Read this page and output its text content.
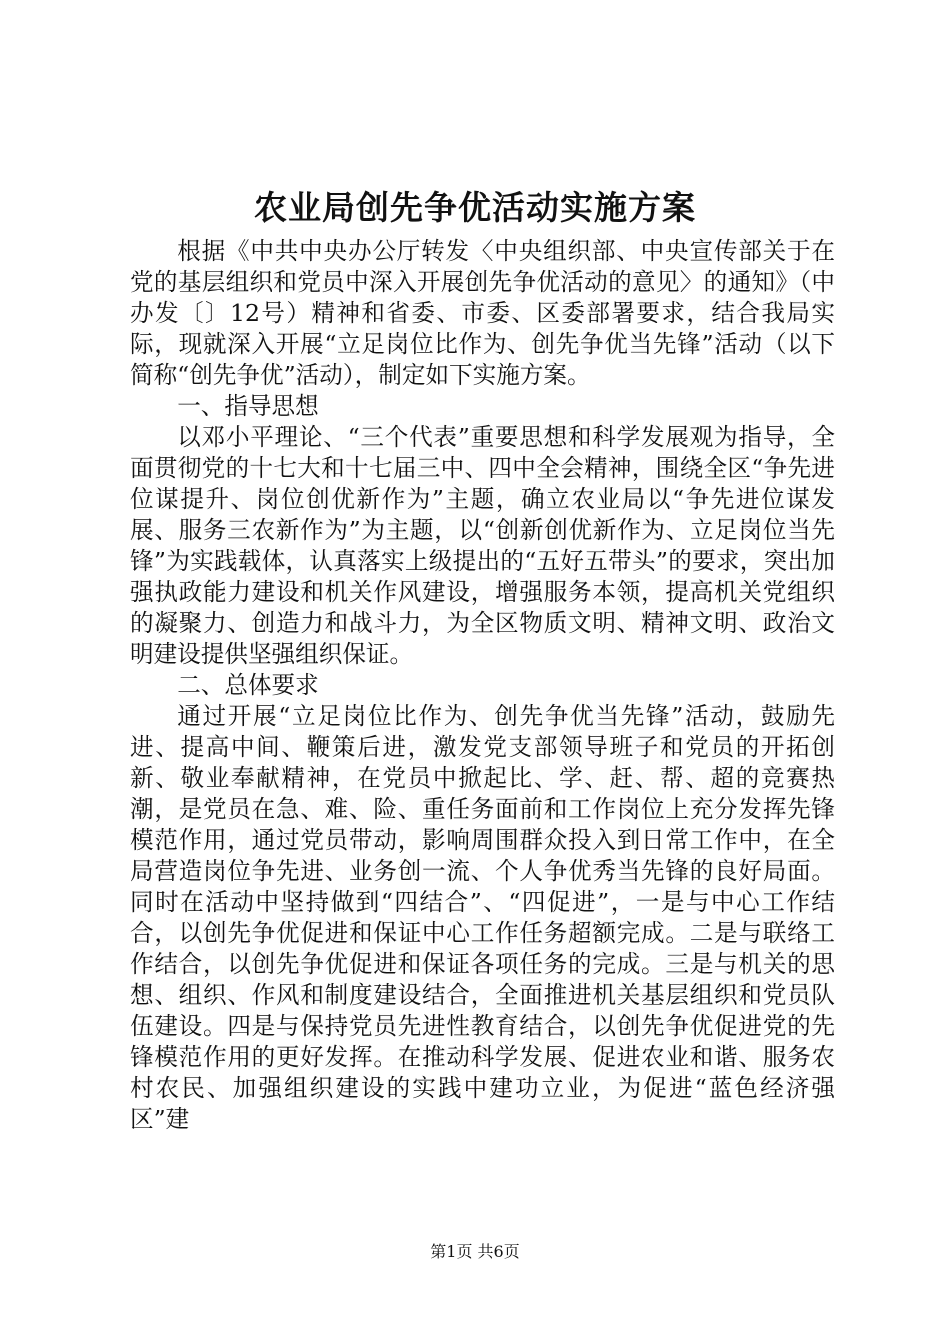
农业局创先争优活动实施方案

根据《中共中央办公厅转发〈中央组织部、中央宣传部关于在党的基层组织和党员中深入开展创先争优活动的意见〉的通知》（中办发〔〕12号）精神和省委、市委、区委部署要求，结合我局实际，现就深入开展“立足岗位比作为、创先争优当先锋”活动（以下简称“创先争优”活动），制定如下实施方案。

一、指导思想

以邓小平理论、“三个代表”重要思想和科学发展观为指导，全面贯彻党的十七大和十七届三中、四中全会精神，围绕全区“争先进位谋提升、岗位创优新作为”主题，确立农业局以“争先进位谋发展、服务三农新作为”为主题，以“创新创优新作为、立足岗位当先锋”为实践载体，认真落实上级提出的“五好五带头”的要求，突出加强执政能力建设和机关作风建设，增强服务本领，提高机关党组织的凝聚力、创造力和战斗力，为全区物质文明、精神文明、政治文明建设提供坚强组织保证。

二、总体要求

通过开展“立足岗位比作为、创先争优当先锋”活动，鼓励先进、提高中间、鞭策后进，激发党支部领导班子和党员的开拓创新、敬业奉献精神，在党员中掀起比、学、赶、帮、超的竞赛热潮，是党员在急、难、险、重任务面前和工作岗位上充分发挥先锋模范作用，通过党员带动，影响周围群众投入到日常工作中，在全局营造岗位争先进、业务创一流、个人争优秀当先锋的良好局面。同时在活动中坚持做到“四结合”、“四促进”，一是与中心工作结合，以创先争优促进和保证中心工作任务超额完成。二是与联络工作结合，以创先争优促进和保证各项任务的完成。三是与机关的思想、组织、作风和制度建设结合，全面推进机关基层组织和党员队伍建设。四是与保持党员先进性教育结合，以创先争优促进党的先锋模范作用的更好发挥。在推动科学发展、促进农业和谐、服务农村农民、加强组织建设的实践中建功立业，为促进“蓝色经济强区”建

第1页 共6页
